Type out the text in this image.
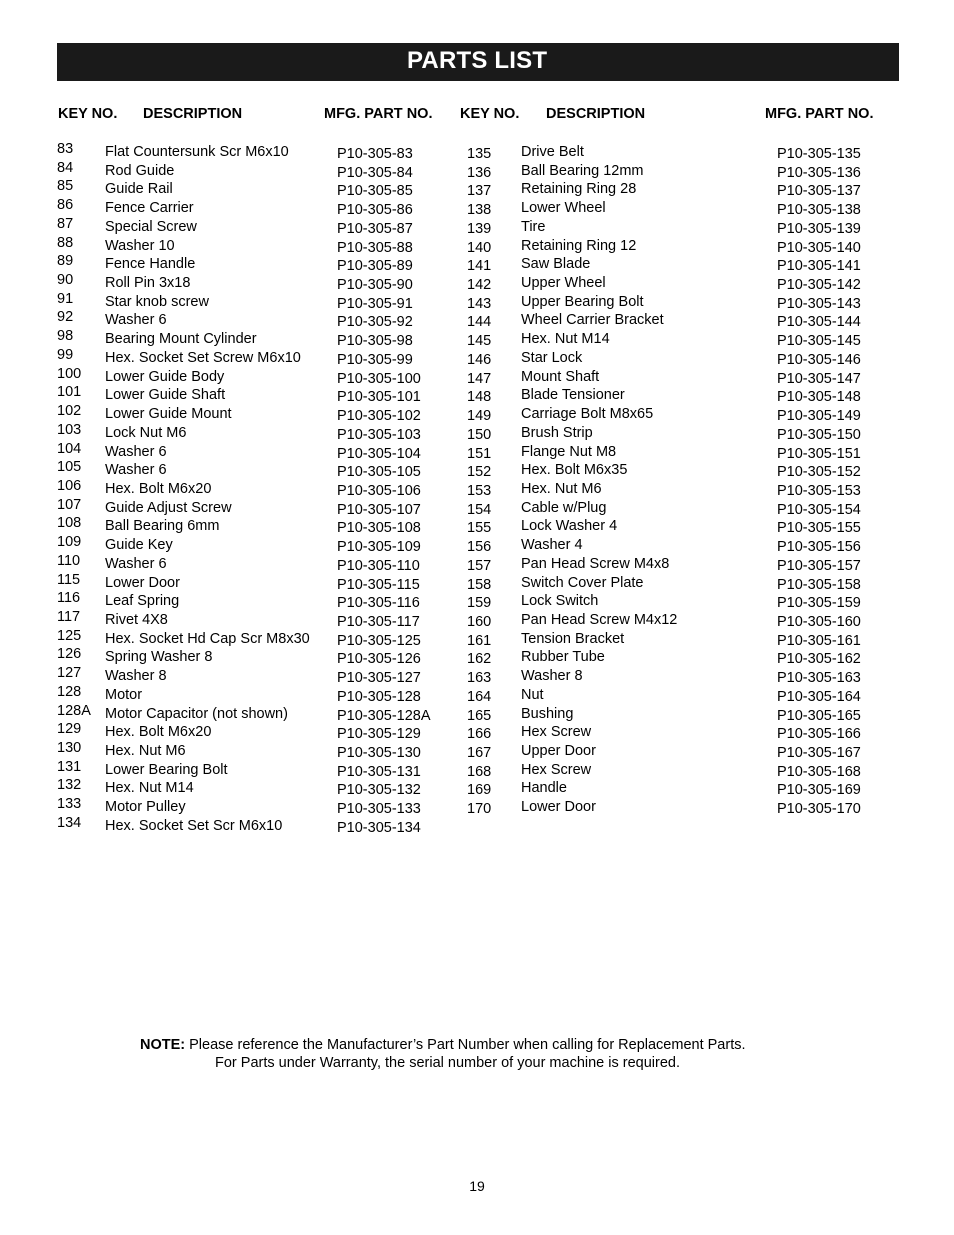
PARTS LIST
KEY NO. DESCRIPTION	MFG. PART NO. KEY NO. DESCRIPTION	MFG. PART NO.
83 Flat Countersunk Scr M6x10	P10-305-83
84 Rod Guide	P10-305-84
85 Guide Rail	P10-305-85
86 Fence Carrier	P10-305-86
87 Special Screw	P10-305-87
88 Washer 10	P10-305-88
89 Fence Handle	P10-305-89
90 Roll Pin 3x18	P10-305-90
91 Star knob screw	P10-305-91
92 Washer 6	P10-305-92
98 Bearing Mount Cylinder	P10-305-98
99 Hex. Socket Set Screw M6x10 P10-305-99
100 Lower Guide Body	P10-305-100
101 Lower Guide Shaft	P10-305-101
102 Lower Guide Mount	P10-305-102
103 Lock Nut M6	P10-305-103
104 Washer 6	P10-305-104
105 Washer 6	P10-305-105
106 Hex. Bolt M6x20	P10-305-106
107 Guide Adjust Screw	P10-305-107
108 Ball Bearing 6mm	P10-305-108
109 Guide Key	P10-305-109
110 Washer 6	P10-305-110
115 Lower Door	P10-305-115
116 Leaf Spring	P10-305-116
117 Rivet 4X8	P10-305-117
125 Hex. Socket Hd Cap Scr M8x30 P10-305-125
126 Spring Washer 8	P10-305-126
127 Washer 8	P10-305-127
128 Motor	P10-305-128
128A Motor Capacitor (not shown)	P10-305-128A
129 Hex. Bolt M6x20	P10-305-129
130 Hex. Nut M6	P10-305-130
131 Lower Bearing Bolt	P10-305-131
132 Hex. Nut M14	P10-305-132
133 Motor Pulley	P10-305-133
134 Hex. Socket Set Scr M6x10	P10-305-134
135 Drive Belt	P10-305-135
136 Ball Bearing 12mm	P10-305-136
137 Retaining Ring 28	P10-305-137
138 Lower Wheel	P10-305-138
139 Tire	P10-305-139
140 Retaining Ring 12	P10-305-140
141 Saw Blade	P10-305-141
142 Upper Wheel	P10-305-142
143 Upper Bearing Bolt	P10-305-143
144 Wheel Carrier Bracket	P10-305-144
145 Hex. Nut M14	P10-305-145
146 Star Lock	P10-305-146
147 Mount Shaft	P10-305-147
148 Blade Tensioner	P10-305-148
149 Carriage Bolt M8x65	P10-305-149
150 Brush Strip	P10-305-150
151 Flange Nut M8	P10-305-151
152 Hex. Bolt M6x35	P10-305-152
153 Hex. Nut M6	P10-305-153
154 Cable w/Plug	P10-305-154
155 Lock Washer 4	P10-305-155
156 Washer 4	P10-305-156
157 Pan Head Screw M4x8	P10-305-157
158 Switch Cover Plate	P10-305-158
159 Lock Switch	P10-305-159
160 Pan Head Screw M4x12	P10-305-160
161 Tension Bracket	P10-305-161
162 Rubber Tube	P10-305-162
163 Washer 8	P10-305-163
164 Nut	P10-305-164
165 Bushing	P10-305-165
166 Hex Screw	P10-305-166
167 Upper Door	P10-305-167
168 Hex Screw	P10-305-168
169 Handle	P10-305-169
170 Lower Door	P10-305-170
NOTE: Please reference the Manufacturer’s Part Number when calling for Replacement Parts.
For Parts under Warranty, the serial number of your machine is required.
19
